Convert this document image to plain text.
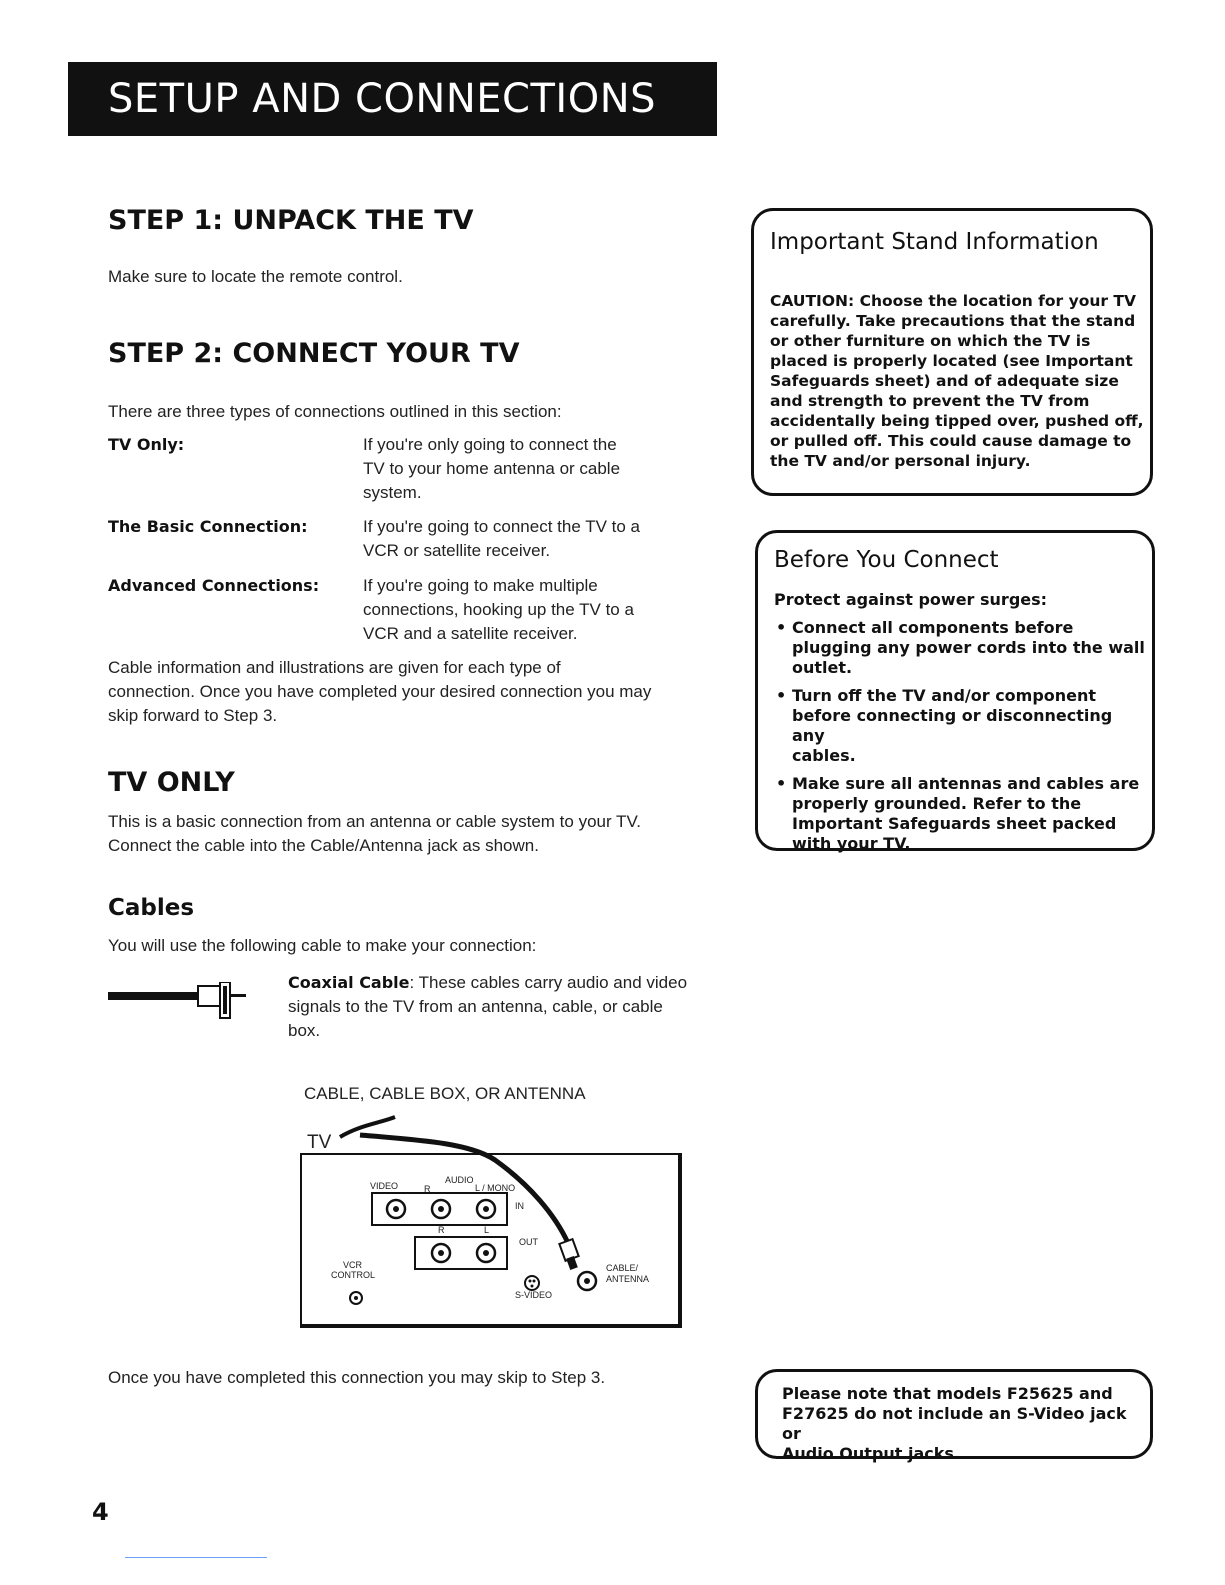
SETUP AND CONNECTIONS
STEP 1: UNPACK THE TV
Make sure to locate the remote control.
STEP 2: CONNECT YOUR TV
There are three types of connections outlined in this section:
TV Only:	If you're only going to connect the
TV to your home antenna or cable
system.
The Basic Connection:	If you're going to connect the TV to a
VCR or satellite receiver.
Advanced Connections:	If you're going to make multiple
connections, hooking up the TV to a
VCR and a satellite receiver.
Cable information and illustrations are given for each type of
connection. Once you have completed your desired connection you may
skip forward to Step 3.
TV ONLY
This is a basic connection from an antenna or cable system to your TV.
Connect the cable into the Cable/Antenna jack as shown.
Cables
You will use the following cable to make your connection:
Coaxial Cable: These cables carry audio and video
signals to the TV from an antenna, cable, or cable
box.
CABLE, CABLE BOX, OR ANTENNA
TV
VIDEO	R
AUDIO
L / MONO
IN
R	L
OUT
VCR
CONTROL
S-VIDEO
CABLE/
ANTENNA
Once you have completed this connection you may skip to Step 3.
Important Stand Information
CAUTION: Choose the location for your TV
carefully. Take precautions that the stand
or other furniture on which the TV is
placed is properly located (see Important
Safeguards sheet) and of adequate size
and strength to prevent the TV from
accidentally being tipped over, pushed off,
or pulled off. This could cause damage to
the TV and/or personal injury.
Before You Connect
Protect against power surges:
• Connect all components before
plugging any power cords into the wall
outlet.
• Turn off the TV and/or component
before connecting or disconnecting any
cables.
• Make sure all antennas and cables are
properly grounded. Refer to the
Important Safeguards sheet packed
with your TV.
Please note that models F25625 and
F27625 do not include an S-Video jack or
Audio Output jacks.
4
